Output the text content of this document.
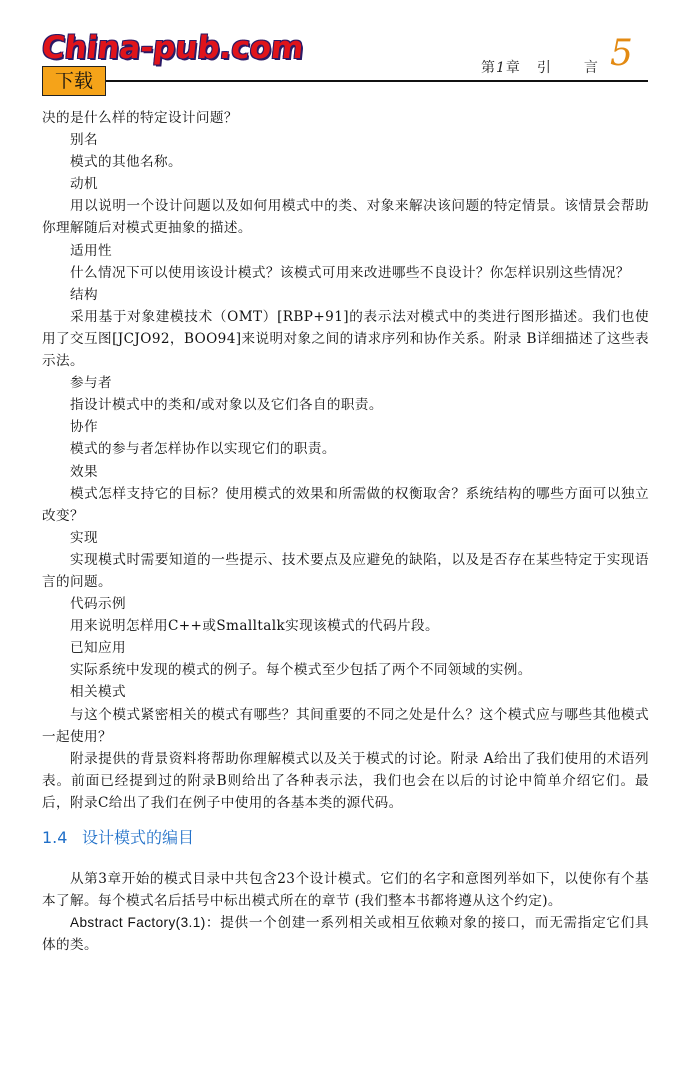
China-pub.com
下载
第1章 引 言 5

决的是什么样的特定设计问题？

别名

模式的其他名称。

动机

用以说明一个设计问题以及如何用模式中的类、对象来解决该问题的特定情景。该情景会帮助你理解随后对模式更抽象的描述。

适用性

什么情况下可以使用该设计模式？该模式可用来改进哪些不良设计？你怎样识别这些情况？

结构

采用基于对象建模技术（OMT）[RBP+91]的表示法对模式中的类进行图形描述。我们也使用了交互图[JCJO92，BOO94]来说明对象之间的请求序列和协作关系。附录 B详细描述了这些表示法。

参与者

指设计模式中的类和/或对象以及它们各自的职责。

协作

模式的参与者怎样协作以实现它们的职责。

效果

模式怎样支持它的目标？使用模式的效果和所需做的权衡取舍？系统结构的哪些方面可以独立改变？

实现

实现模式时需要知道的一些提示、技术要点及应避免的缺陷，以及是否存在某些特定于实现语言的问题。

代码示例

用来说明怎样用C++或Smalltalk实现该模式的代码片段。

已知应用

实际系统中发现的模式的例子。每个模式至少包括了两个不同领域的实例。

相关模式

与这个模式紧密相关的模式有哪些？其间重要的不同之处是什么？这个模式应与哪些其他模式一起使用？

附录提供的背景资料将帮助你理解模式以及关于模式的讨论。附录 A给出了我们使用的术语列表。前面已经提到过的附录B则给出了各种表示法，我们也会在以后的讨论中简单介绍它们。最后，附录C给出了我们在例子中使用的各基本类的源代码。

1.4 设计模式的编目

从第3章开始的模式目录中共包含23个设计模式。它们的名字和意图列举如下，以使你有个基本了解。每个模式名后括号中标出模式所在的章节 (我们整本书都将遵从这个约定)。

Abstract Factory(3.1)：提供一个创建一系列相关或相互依赖对象的接口，而无需指定它们具体的类。
